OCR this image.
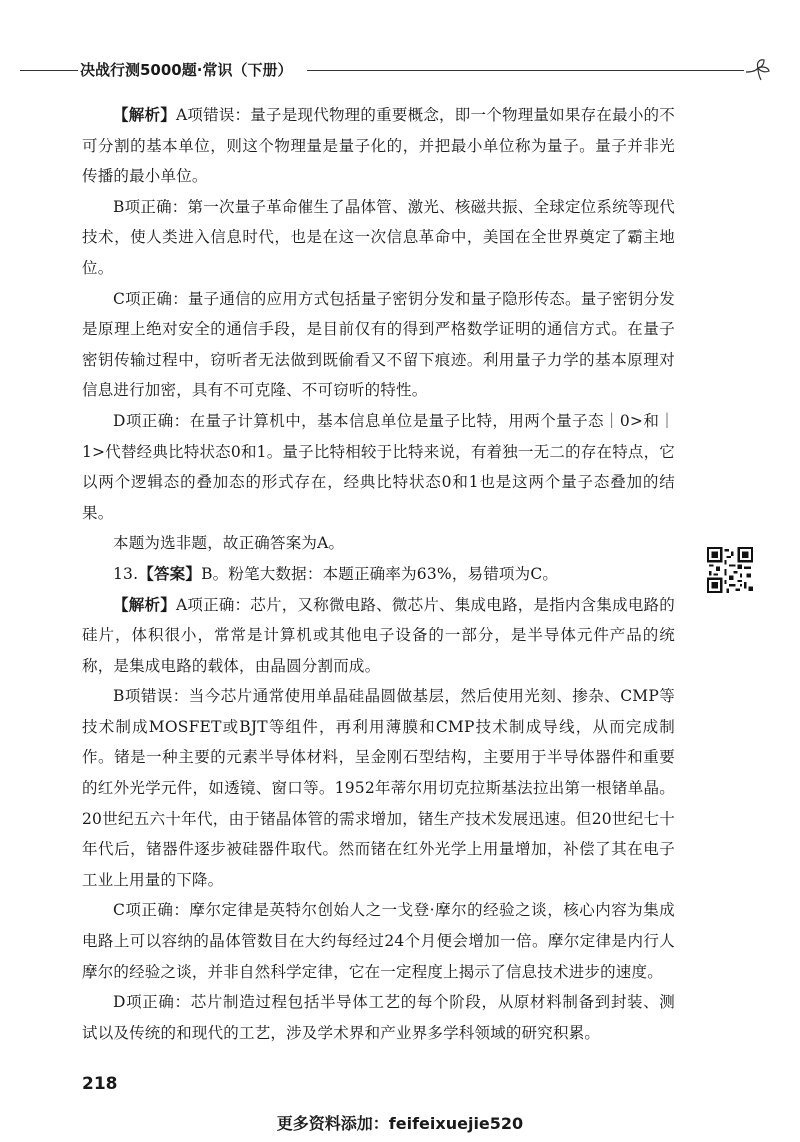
决战行测5000题·常识（下册）

【解析】A项错误：量子是现代物理的重要概念，即一个物理量如果存在最小的不可分割的基本单位，则这个物理量是量子化的，并把最小单位称为量子。量子并非光传播的最小单位。

B项正确：第一次量子革命催生了晶体管、激光、核磁共振、全球定位系统等现代技术，使人类进入信息时代，也是在这一次信息革命中，美国在全世界奠定了霸主地位。

C项正确：量子通信的应用方式包括量子密钥分发和量子隐形传态。量子密钥分发是原理上绝对安全的通信手段，是目前仅有的得到严格数学证明的通信方式。在量子密钥传输过程中，窃听者无法做到既偷看又不留下痕迹。利用量子力学的基本原理对信息进行加密，具有不可克隆、不可窃听的特性。

D项正确：在量子计算机中，基本信息单位是量子比特，用两个量子态｜0>和｜1>代替经典比特状态0和1。量子比特相较于比特来说，有着独一无二的存在特点，它以两个逻辑态的叠加态的形式存在，经典比特状态0和1也是这两个量子态叠加的结果。

本题为选非题，故正确答案为A。

13.【答案】B。粉笔大数据：本题正确率为63%，易错项为C。

【解析】A项正确：芯片，又称微电路、微芯片、集成电路，是指内含集成电路的硅片，体积很小，常常是计算机或其他电子设备的一部分，是半导体元件产品的统称，是集成电路的载体，由晶圆分割而成。

B项错误：当今芯片通常使用单晶硅晶圆做基层，然后使用光刻、掺杂、CMP等技术制成MOSFET或BJT等组件，再利用薄膜和CMP技术制成导线，从而完成制作。锗是一种主要的元素半导体材料，呈金刚石型结构，主要用于半导体器件和重要的红外光学元件，如透镜、窗口等。1952年蒂尔用切克拉斯基法拉出第一根锗单晶。20世纪五六十年代，由于锗晶体管的需求增加，锗生产技术发展迅速。但20世纪七十年代后，锗器件逐步被硅器件取代。然而锗在红外光学上用量增加，补偿了其在电子工业上用量的下降。

C项正确：摩尔定律是英特尔创始人之一戈登·摩尔的经验之谈，核心内容为集成电路上可以容纳的晶体管数目在大约每经过24个月便会增加一倍。摩尔定律是内行人摩尔的经验之谈，并非自然科学定律，它在一定程度上揭示了信息技术进步的速度。

D项正确：芯片制造过程包括半导体工艺的每个阶段，从原材料制备到封装、测试以及传统的和现代的工艺，涉及学术界和产业界多学科领域的研究积累。

218
更多资料添加：feifeixuejie520
